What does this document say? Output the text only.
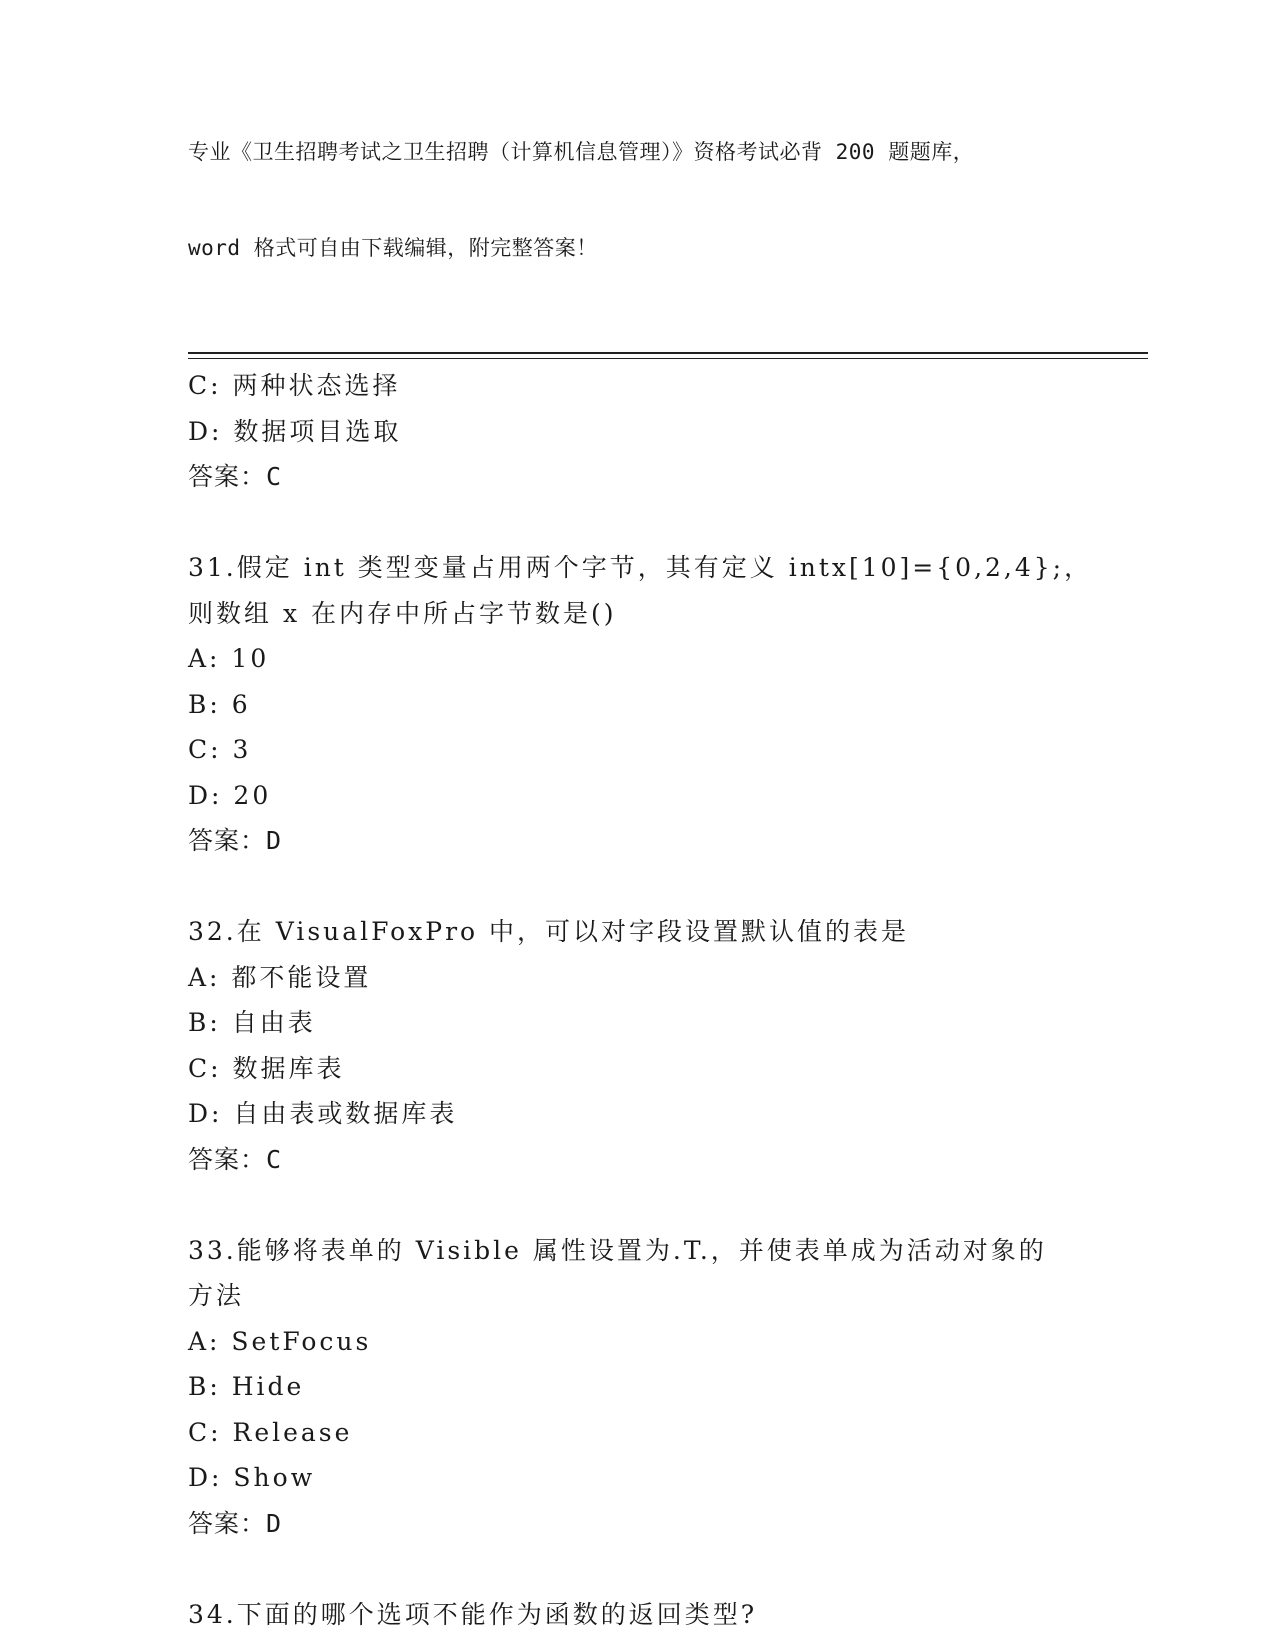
专业《卫生招聘考试之卫生招聘（计算机信息管理）》资格考试必背 200 题题库，

word 格式可自由下载编辑，附完整答案！

C: 两种状态选择
D: 数据项目选取
答案：C
31.假定 int 类型变量占用两个字节，其有定义 intx[10]={0,2,4};，
则数组 x 在内存中所占字节数是()
A: 10
B: 6
C: 3
D: 20
答案：D
32.在 VisualFoxPro 中，可以对字段设置默认值的表是
A: 都不能设置
B: 自由表
C: 数据库表
D: 自由表或数据库表
答案：C
33.能够将表单的 Visible 属性设置为.T.，并使表单成为活动对象的
方法
A: SetFocus
B: Hide
C: Release
D: Show
答案：D
34.下面的哪个选项不能作为函数的返回类型?
